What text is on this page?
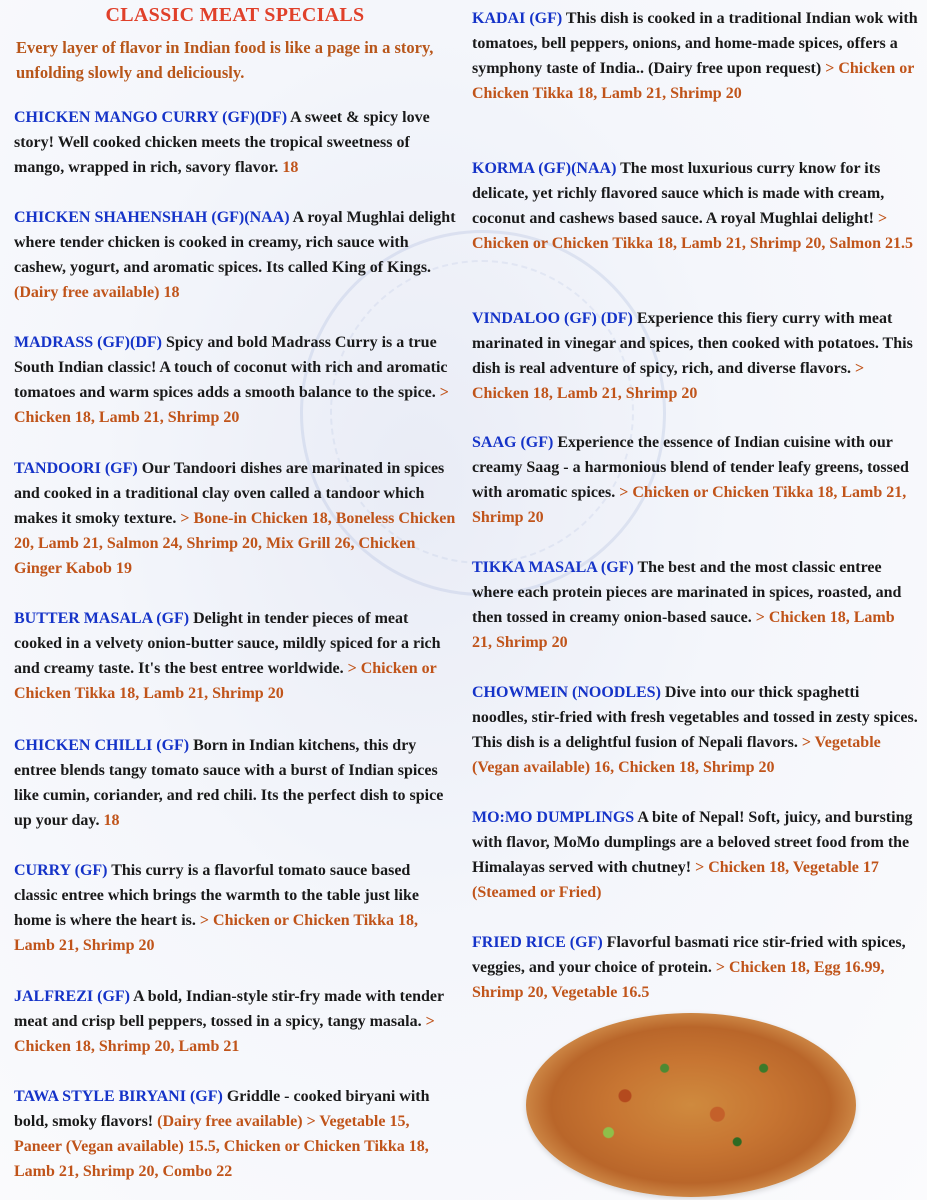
CLASSIC MEAT SPECIALS
Every layer of flavor in Indian food is like a page in a story, unfolding slowly and deliciously.
CHICKEN MANGO CURRY (GF)(DF) A sweet & spicy love story! Well cooked chicken meets the tropical sweetness of mango, wrapped in rich, savory flavor. 18
CHICKEN SHAHENSHAH (GF)(NAA) A royal Mughlai delight where tender chicken is cooked in creamy, rich sauce with cashew, yogurt, and aromatic spices. Its called King of Kings. (Dairy free available) 18
MADRASS (GF)(DF) Spicy and bold Madrass Curry is a true South Indian classic! A touch of coconut with rich and aromatic tomatoes and warm spices adds a smooth balance to the spice. > Chicken 18, Lamb 21, Shrimp 20
TANDOORI (GF) Our Tandoori dishes are marinated in spices and cooked in a traditional clay oven called a tandoor which makes it smoky texture. > Bone-in Chicken 18, Boneless Chicken 20, Lamb 21, Salmon 24, Shrimp 20, Mix Grill 26, Chicken Ginger Kabob 19
BUTTER MASALA (GF) Delight in tender pieces of meat cooked in a velvety onion-butter sauce, mildly spiced for a rich and creamy taste. It's the best entree worldwide. > Chicken or Chicken Tikka 18, Lamb 21, Shrimp 20
CHICKEN CHILLI (GF) Born in Indian kitchens, this dry entree blends tangy tomato sauce with a burst of Indian spices like cumin, coriander, and red chili. Its the perfect dish to spice up your day. 18
CURRY (GF) This curry is a flavorful tomato sauce based classic entree which brings the warmth to the table just like home is where the heart is. > Chicken or Chicken Tikka 18, Lamb 21, Shrimp 20
JALFREZI (GF) A bold, Indian-style stir-fry made with tender meat and crisp bell peppers, tossed in a spicy, tangy masala. > Chicken 18, Shrimp 20, Lamb 21
TAWA STYLE BIRYANI (GF) Griddle - cooked biryani with bold, smoky flavors! (Dairy free available) > Vegetable 15, Paneer (Vegan available) 15.5, Chicken or Chicken Tikka 18, Lamb 21, Shrimp 20, Combo 22
KADAI (GF) This dish is cooked in a traditional Indian wok with tomatoes, bell peppers, onions, and home-made spices, offers a symphony taste of India.. (Dairy free upon request) > Chicken or Chicken Tikka 18, Lamb 21, Shrimp 20
KORMA (GF)(NAA) The most luxurious curry know for its delicate, yet richly flavored sauce which is made with cream, coconut and cashews based sauce. A royal Mughlai delight! > Chicken or Chicken Tikka 18, Lamb 21, Shrimp 20, Salmon 21.5
VINDALOO (GF) (DF) Experience this fiery curry with meat marinated in vinegar and spices, then cooked with potatoes. This dish is real adventure of spicy, rich, and diverse flavors. > Chicken 18, Lamb 21, Shrimp 20
SAAG (GF) Experience the essence of Indian cuisine with our creamy Saag - a harmonious blend of tender leafy greens, tossed with aromatic spices. > Chicken or Chicken Tikka 18, Lamb 21, Shrimp 20
TIKKA MASALA (GF) The best and the most classic entree where each protein pieces are marinated in spices, roasted, and then tossed in creamy onion-based sauce. > Chicken 18, Lamb 21, Shrimp 20
CHOWMEIN (NOODLES) Dive into our thick spaghetti noodles, stir-fried with fresh vegetables and tossed in zesty spices. This dish is a delightful fusion of Nepali flavors. > Vegetable (Vegan available) 16, Chicken 18, Shrimp 20
MO:MO DUMPLINGS A bite of Nepal! Soft, juicy, and bursting with flavor, MoMo dumplings are a beloved street food from the Himalayas served with chutney! > Chicken 18, Vegetable 17 (Steamed or Fried)
FRIED RICE (GF) Flavorful basmati rice stir-fried with spices, veggies, and your choice of protein. > Chicken 18, Egg 16.99, Shrimp 20, Vegetable 16.5
